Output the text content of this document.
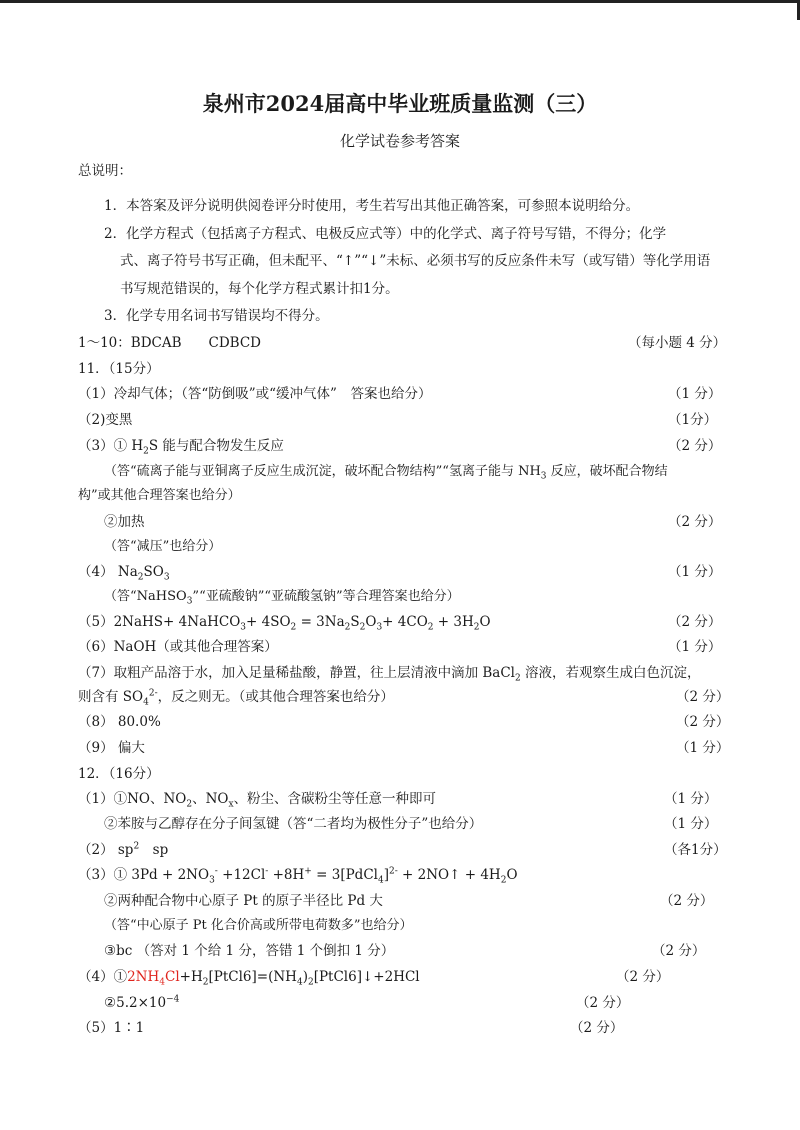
泉州市2024届高中毕业班质量监测（三）
化学试卷参考答案
总说明：
1．本答案及评分说明供阅卷评分时使用，考生若写出其他正确答案，可参照本说明给分。
2．化学方程式（包括离子方程式、电极反应式等）中的化学式、离子符号写错，不得分；化学
式、离子符号书写正确，但未配平、“↑”“↓”未标、必须书写的反应条件未写（或写错）等化学用语
书写规范错误的，每个化学方程式累计扣1分。
3．化学专用名词书写错误均不得分。
1～10：BDCAB　　CDBCD	（每小题 4 分）
11．（15分）
（1）冷却气体；（答“防倒吸”或“缓冲气体”　答案也给分）	（1 分）
（2)变黑	（1分）
（3）① $H_2S$ 能与配合物发生反应	（2 分）
（答“硫离子能与亚铜离子反应生成沉淀，破坏配合物结构”“氢离子能与 $NH_3$ 反应，破坏配合物结
构”或其他合理答案也给分）
②加热	（2 分）
（答“减压”也给分）
（4） $Na_2SO_3$	（1 分）
（答“NaHSO$_3$”“亚硫酸钠”“亚硫酸氢钠”等合理答案也给分）
（5）2NaHS+ 4NaHCO$_3$+ $4SO_2 = 3Na_2S_2O_3+ 4CO_2 + 3H_2O$	（2 分）
（6）NaOH（或其他合理答案）	（1 分）
（7）取粗产品溶于水，加入足量稀盐酸，静置，往上层清液中滴加 BaCl$_2$ 溶液，若观察生成白色沉淀，
则含有 $SO_4^{2-}$，反之则无。（或其他合理答案也给分）	（2 分）
（8） 80.0%	（2 分）
（9） 偏大	（1 分）
12．（16分）
（1）①NO、$NO_2$、$NO_x$、粉尘、含碳粉尘等任意一种即可	（1 分）
②苯胺与乙醇存在分子间氢键（答“二者均为极性分子”也给分）	（1 分）
（2） $sp^2$　sp	（各1分）
（3）① $3Pd + 2NO_3^- +12Cl^- +8H^+$ = 3[PdCl$_4$]$^{2-}$ + 2NO↑ + $4H_2O$
②两种配合物中心原子 Pt 的原子半径比 Pd 大	（2 分）
（答“中心原子 Pt 化合价高或所带电荷数多”也给分）
③bc （答对 1 个给 1 分，答错 1 个倒扣 1 分）	（2 分）
$(4)①2NH_4Cl+H_2[PtCl6]=(NH_4)_2[PtCl6]↓+2HCl$	（2 分）
$②5.2\times 10^{-4}$	（2 分）
（5）1∶1	（2 分）
